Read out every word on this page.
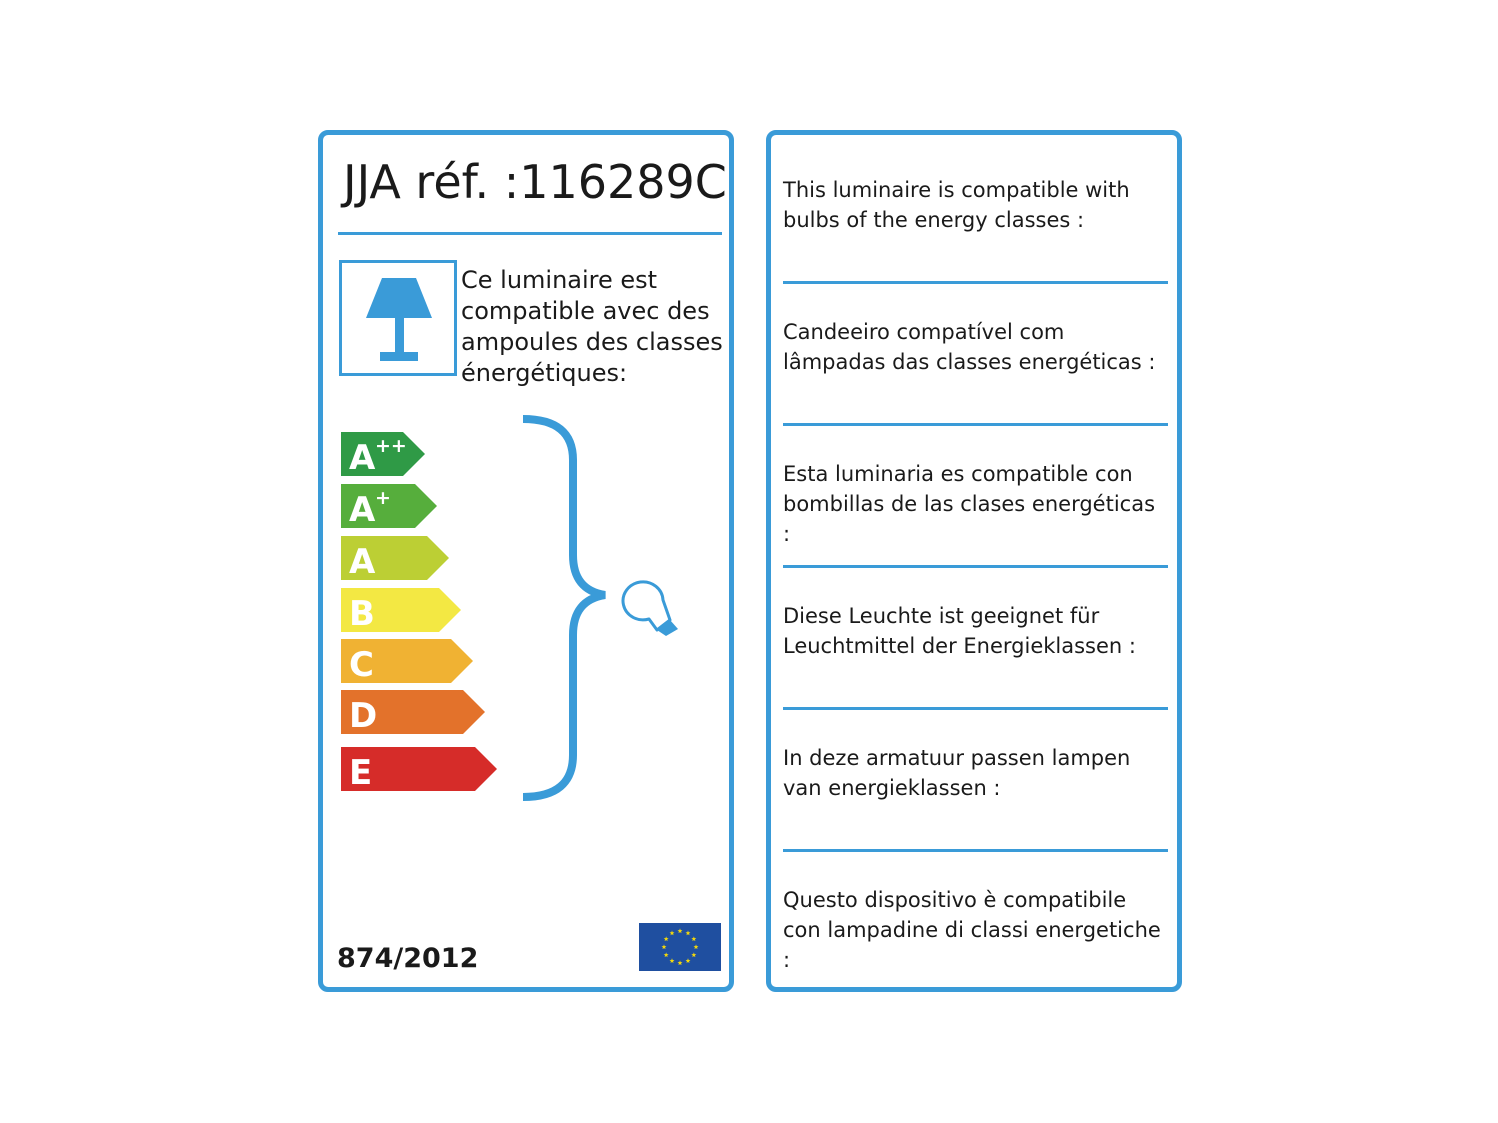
JJA réf. :116289C
Ce luminaire est compatible avec des ampoules des classes énergétiques:
A ++
A +
A
B
C
D
E
874/2012
This luminaire is compatible with bulbs of the energy classes :
Candeeiro compatível com lâmpadas das classes energéticas :
Esta luminaria es compatible con bombillas de las clases energéticas :
Diese Leuchte ist geeignet für Leuchtmittel der Energieklassen :
In deze armatuur passen lampen van energieklassen :
Questo dispositivo è compatibile con lampadine di classi energetiche :
